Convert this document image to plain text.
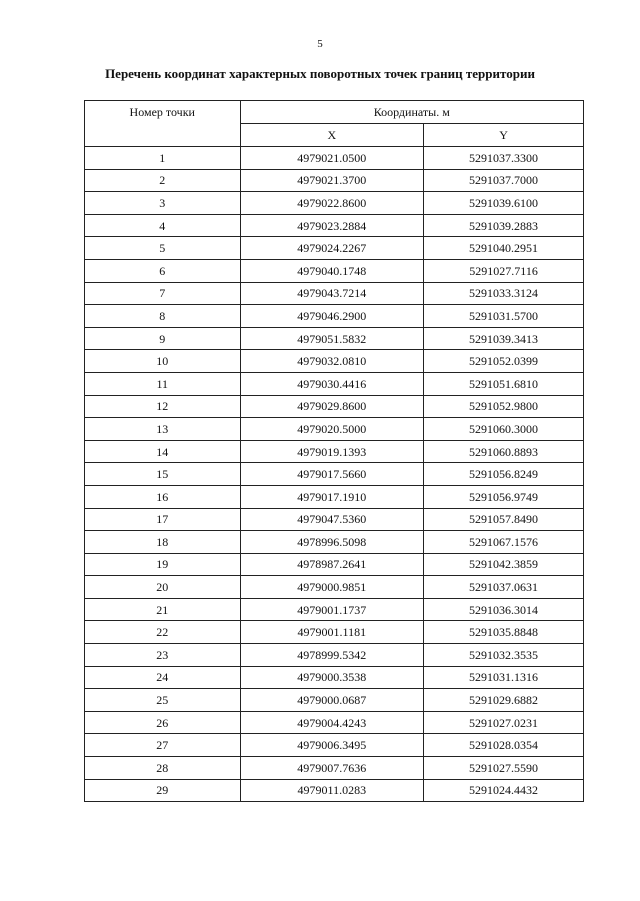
5
Перечень координат характерных поворотных точек границ территории
Номер точки	Координаты. м	
	X	Y
1	4979021.0500	5291037.3300
2	4979021.3700	5291037.7000
3	4979022.8600	5291039.6100
4	4979023.2884	5291039.2883
5	4979024.2267	5291040.2951
6	4979040.1748	5291027.7116
7	4979043.7214	5291033.3124
8	4979046.2900	5291031.5700
9	4979051.5832	5291039.3413
10	4979032.0810	5291052.0399
11	4979030.4416	5291051.6810
12	4979029.8600	5291052.9800
13	4979020.5000	5291060.3000
14	4979019.1393	5291060.8893
15	4979017.5660	5291056.8249
16	4979017.1910	5291056.9749
17	4979047.5360	5291057.8490
18	4978996.5098	5291067.1576
19	4978987.2641	5291042.3859
20	4979000.9851	5291037.0631
21	4979001.1737	5291036.3014
22	4979001.1181	5291035.8848
23	4978999.5342	5291032.3535
24	4979000.3538	5291031.1316
25	4979000.0687	5291029.6882
26	4979004.4243	5291027.0231
27	4979006.3495	5291028.0354
28	4979007.7636	5291027.5590
29	4979011.0283	5291024.4432
